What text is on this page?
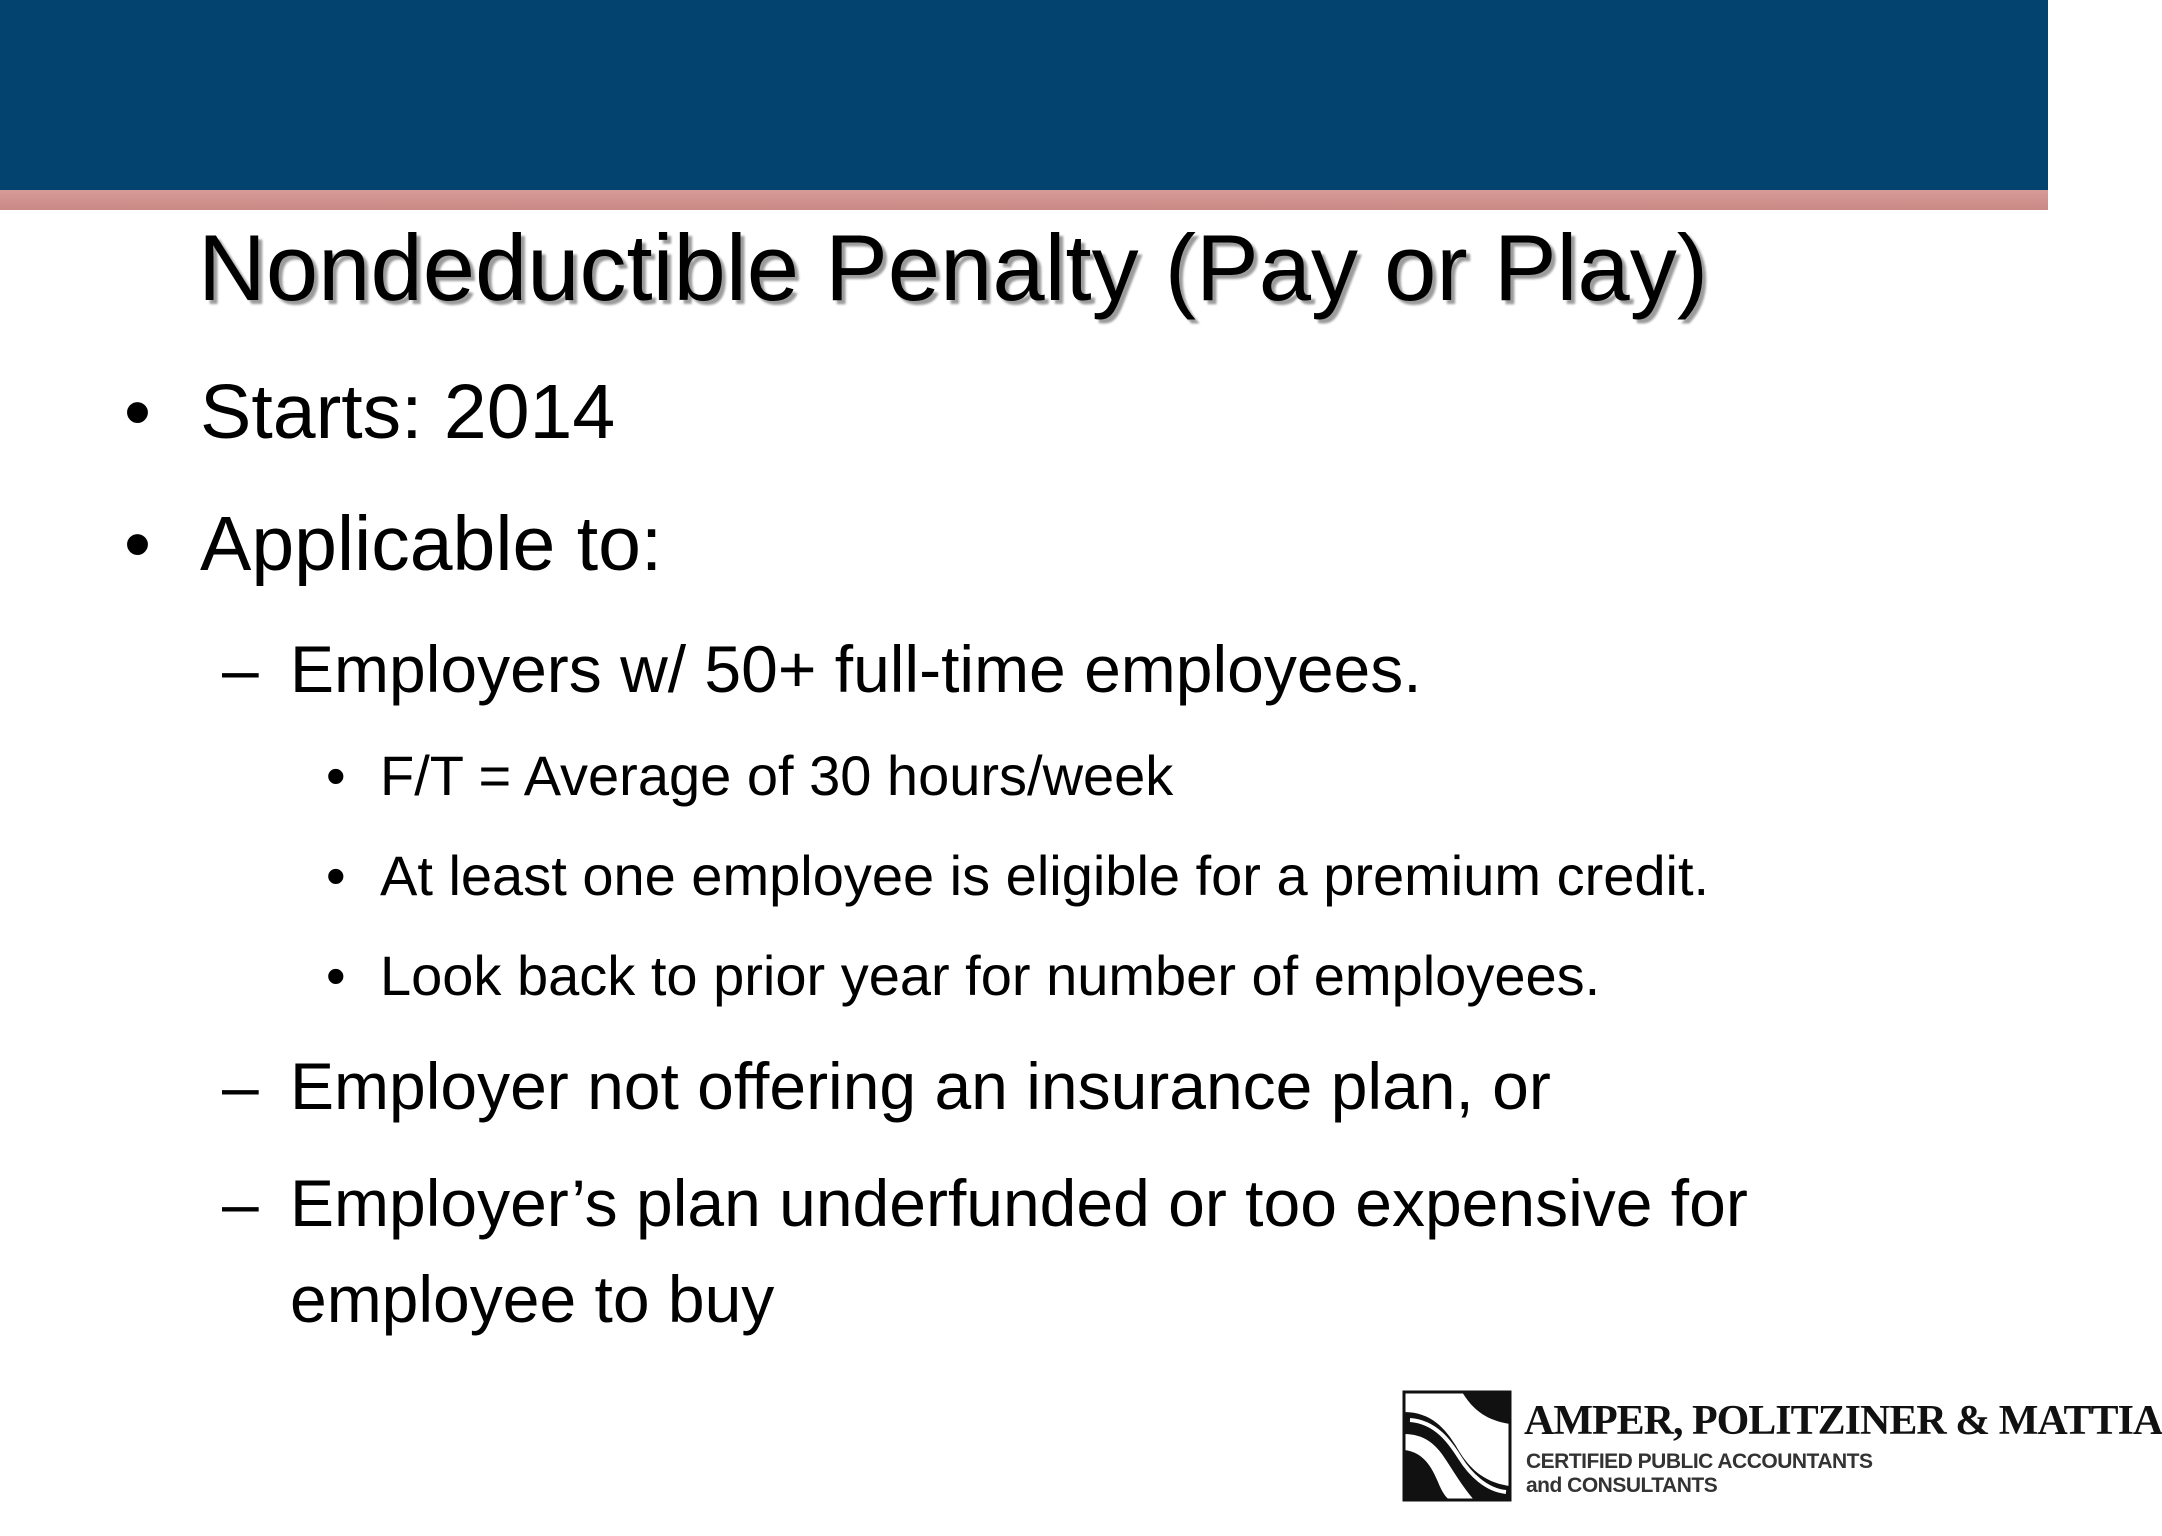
Nondeductible Penalty (Pay or Play)
• Starts: 2014
• Applicable to:
– Employers w/ 50+ full-time employees.
• F/T = Average of 30 hours/week
• At least one employee is eligible for a premium credit.
• Look back to prior year for number of employees.
– Employer not offering an insurance plan, or
– Employer’s plan underfunded or too expensive for
employee to buy
AMPER, POLITZINER & MATTIA
CERTIFIED PUBLIC ACCOUNTANTS
and CONSULTANTS
